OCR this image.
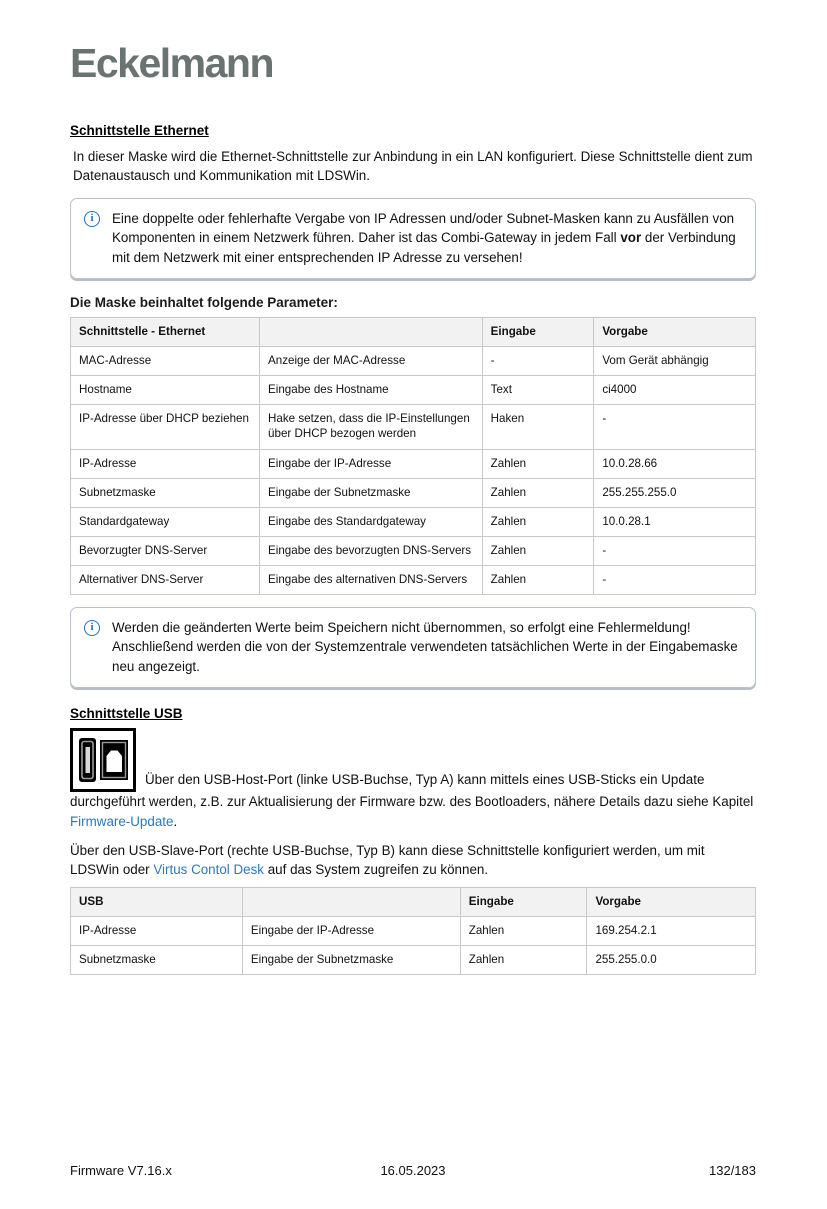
Eckelmann
Schnittstelle Ethernet

In dieser Maske wird die Ethernet-Schnittstelle zur Anbindung in ein LAN konfiguriert. Diese Schnittstelle dient zum Datenaustausch und Kommunikation mit LDSWin.

i	Eine doppelte oder fehlerhafte Vergabe von IP Adressen und/oder Subnet-Masken kann zu Ausfällen von Komponenten in einem Netzwerk führen. Daher ist das Combi-Gateway in jedem Fall vor der Verbindung mit dem Netzwerk mit einer entsprechenden IP Adresse zu versehen!
Die Maske beinhaltet folgende Parameter:
Schnittstelle - Ethernet		Eingabe	Vorgabe
MAC-Adresse	Anzeige der MAC-Adresse	-	Vom Gerät abhängig
Hostname	Eingabe des Hostname	Text	ci4000
IP-Adresse über DHCP beziehen	Hake setzen, dass die IP-Einstellungen über DHCP bezogen werden	Haken	-
IP-Adresse	Eingabe der IP-Adresse	Zahlen	10.0.28.66
Subnetzmaske	Eingabe der Subnetzmaske	Zahlen	255.255.255.0
Standardgateway	Eingabe des Standardgateway	Zahlen	10.0.28.1
Bevorzugter DNS-Server	Eingabe des bevorzugten DNS-Servers	Zahlen	-
Alternativer DNS-Server	Eingabe des alternativen DNS-Servers	Zahlen	-
i	Werden die geänderten Werte beim Speichern nicht übernommen, so erfolgt eine Fehlermeldung! Anschließend werden die von der Systemzentrale verwendeten tatsächlichen Werte in der Eingabemaske neu angezeigt.
Schnittstelle USB

Über den USB-Host-Port (linke USB-Buchse, Typ A) kann mittels eines USB-Sticks ein Update durchgeführt werden, z.B. zur Aktualisierung der Firmware bzw. des Bootloaders, nähere Details dazu siehe Kapitel Firmware-Update.

Über den USB-Slave-Port (rechte USB-Buchse, Typ B) kann diese Schnittstelle konfiguriert werden, um mit LDSWin oder Virtus Contol Desk auf das System zugreifen zu können.

USB		Eingabe	Vorgabe
IP-Adresse	Eingabe der IP-Adresse	Zahlen	169.254.2.1
Subnetzmaske	Eingabe der Subnetzmaske	Zahlen	255.255.0.0
16.05.2023
Firmware V7.16.x	132/183
